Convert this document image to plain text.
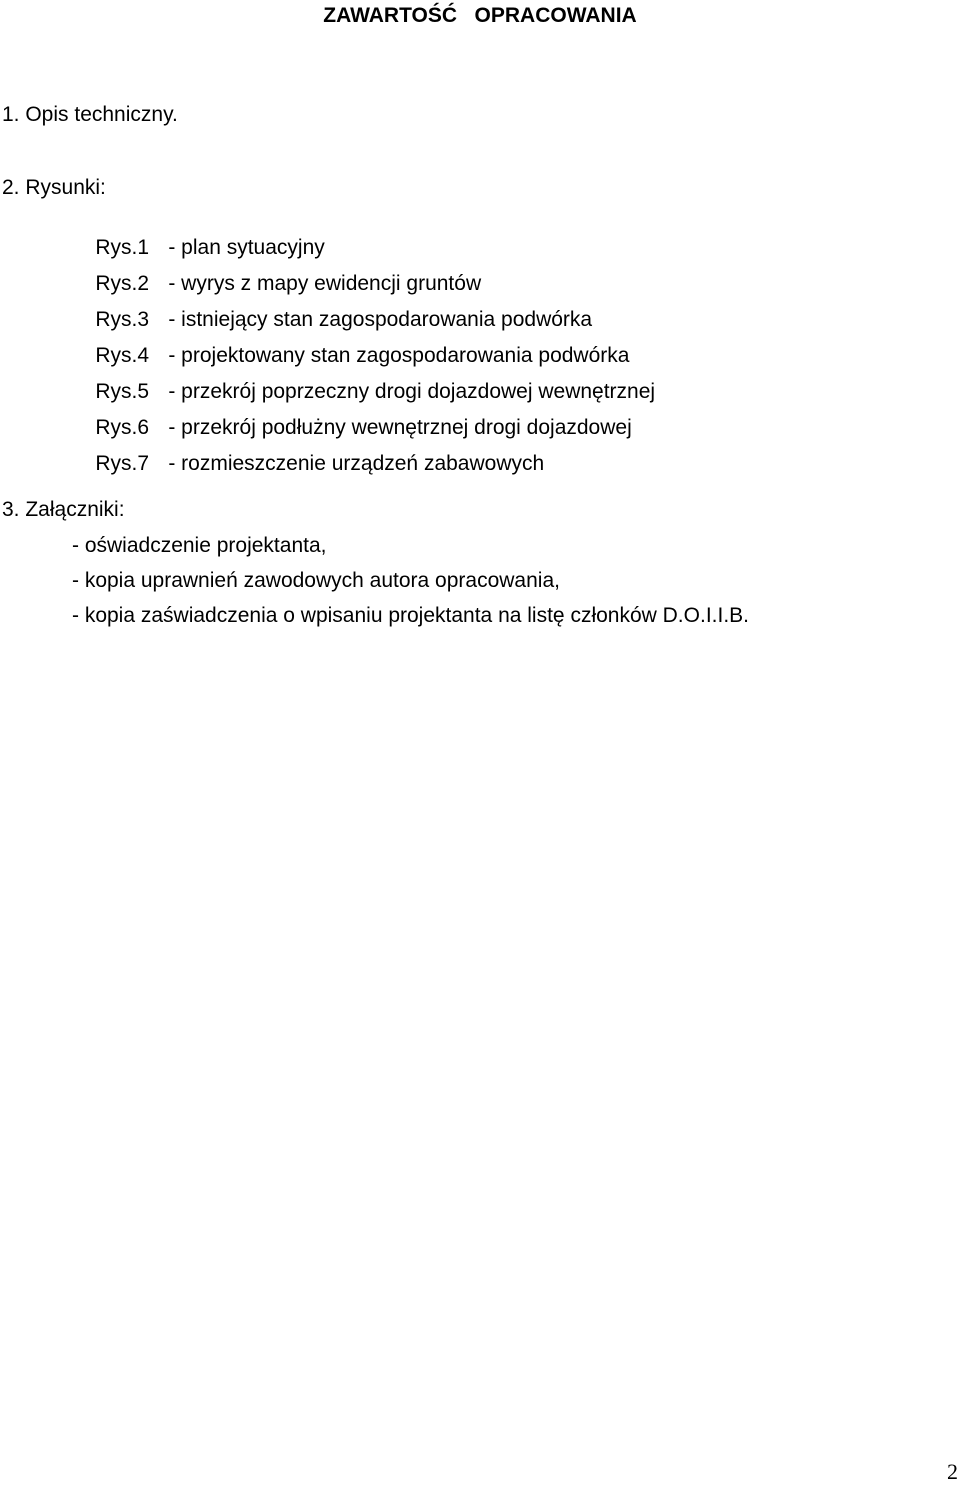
ZAWARTOŚĆ   OPRACOWANIA
1. Opis techniczny.
2. Rysunki:

Rys.1 - plan sytuacyjny

Rys.2 - wyrys z mapy ewidencji gruntów

Rys.3 - istniejący stan zagospodarowania podwórka

Rys.4 - projektowany stan zagospodarowania podwórka

Rys.5 - przekrój poprzeczny drogi dojazdowej wewnętrznej

Rys.6 - przekrój podłużny wewnętrznej drogi dojazdowej

Rys.7 - rozmieszczenie urządzeń zabawowych

3. Załączniki:
- oświadczenie projektanta,
- kopia uprawnień zawodowych autora opracowania,
- kopia zaświadczenia o wpisaniu projektanta na listę członków D.O.I.I.B.
2
